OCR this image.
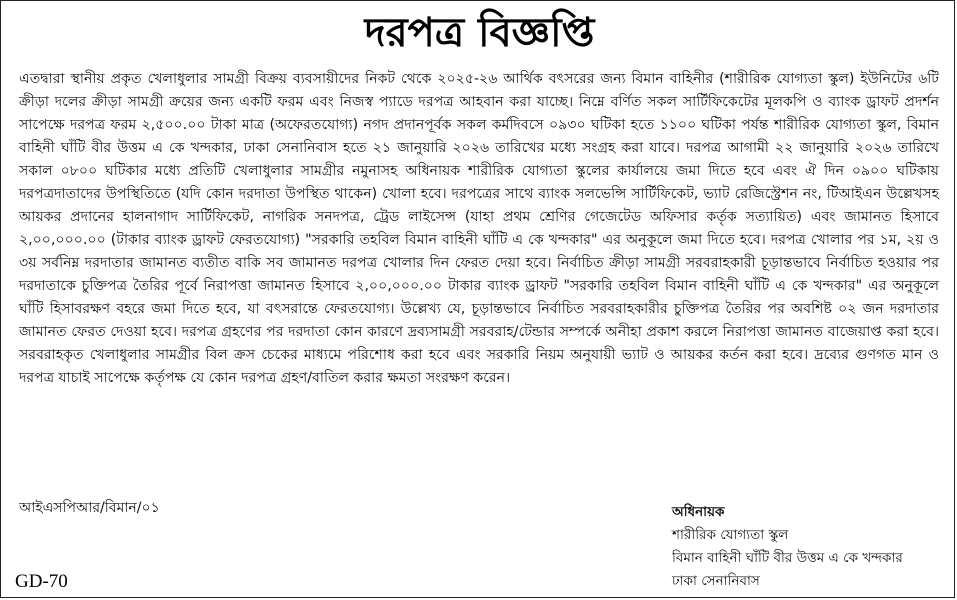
দরপত্র বিজ্ঞপ্তি
এতদ্বারা স্থানীয় প্রকৃত খেলাধুলার সামগ্রী বিক্রয় ব্যবসায়ীদের নিকট থেকে ২০২৫-২৬ আর্থিক বৎসরের জন্য বিমান বাহিনীর (শারীরিক যোগ্যতা স্কুল) ইউনিটের ৬টি ক্রীড়া দলের ক্রীড়া সামগ্রী ক্রয়ের জন্য একটি ফরম এবং নিজস্ব প্যাডে দরপত্র আহবান করা যাচ্ছে। নিম্নে বর্ণিত সকল সার্টিফিকেটের মূলকপি ও ব্যাংক ড্রাফট প্রদর্শন সাপেক্ষে দরপত্র ফরম ২,৫০০.০০ টাকা মাত্র (অফেরতযোগ্য) নগদ প্রদানপূর্বক সকল কর্মদিবসে ০৯৩০ ঘটিকা হতে ১১০০ ঘটিকা পর্যন্ত শারীরিক যোগ্যতা স্কুল, বিমান বাহিনী ঘাঁটি বীর উত্তম এ কে খন্দকার, ঢাকা সেনানিবাস হতে ২১ জানুয়ারি ২০২৬ তারিখের মধ্যে সংগ্রহ করা যাবে। দরপত্র আগামী ২২ জানুয়ারি ২০২৬ তারিখে সকাল ০৮০০ ঘটিকার মধ্যে প্রতিটি খেলাধুলার সামগ্রীর নমুনাসহ অধিনায়ক শারীরিক যোগ্যতা স্কুলের কার্যালয়ে জমা দিতে হবে এবং ঐ দিন ০৯০০ ঘটিকায় দরপত্রদাতাদের উপস্থিতিতে (যদি কোন দরদাতা উপস্থিত থাকেন) খোলা হবে। দরপত্রের সাথে ব্যাংক সলভেন্সি সার্টিফিকেট, ভ্যাট রেজিস্ট্রেশন নং, টিআইএন উল্লেখসহ আয়কর প্রদানের হালনাগাদ সার্টিফিকেট, নাগরিক সনদপত্র, ট্রেড লাইসেন্স (যাহা প্রথম শ্রেণির গেজেটেড অফিসার কর্তৃক সত্যায়িত) এবং জামানত হিসাবে ২,০০,০০০.০০ (টাকার ব্যাংক ড্রাফট ফেরতযোগ্য) "সরকারি তহবিল বিমান বাহিনী ঘাঁটি এ কে খন্দকার" এর অনুকূলে জমা দিতে হবে। দরপত্র খোলার পর ১ম, ২য় ও ৩য় সর্বনিম্ন দরদাতার জামানত ব্যতীত বাকি সব জামানত দরপত্র খোলার দিন ফেরত দেয়া হবে। নির্বাচিত ক্রীড়া সামগ্রী সরবরাহকারী চূড়ান্তভাবে নির্বাচিত হওয়ার পর দরদাতাকে চুক্তিপত্র তৈরির পূর্বে নিরাপত্তা জামানত হিসাবে ২,০০,০০০.০০ টাকার ব্যাংক ড্রাফট "সরকারি তহবিল বিমান বাহিনী ঘাঁটি এ কে খন্দকার" এর অনুকূলে ঘাঁটি হিসাবরক্ষণ বহরে জমা দিতে হবে, যা বৎসরান্তে ফেরতযোগ্য। উল্লেখ্য যে, চূড়ান্তভাবে নির্বাচিত সরবরাহকারীর চুক্তিপত্র তৈরির পর অবশিষ্ট ০২ জন দরদাতার জামানত ফেরত দেওয়া হবে। দরপত্র গ্রহণের পর দরদাতা কোন কারণে দ্রব্যসামগ্রী সরবরাহ/টেন্ডার সম্পর্কে অনীহা প্রকাশ করলে নিরাপত্তা জামানত বাজেয়াপ্ত করা হবে। সরবরাহকৃত খেলাধুলার সামগ্রীর বিল ক্রস চেকের মাধ্যমে পরিশোধ করা হবে এবং সরকারি নিয়ম অনুযায়ী ভ্যাট ও আয়কর কর্তন করা হবে। দ্রব্যের গুণগত মান ও দরপত্র যাচাই সাপেক্ষে কর্তৃপক্ষ যে কোন দরপত্র গ্রহণ/বাতিল করার ক্ষমতা সংরক্ষণ করেন।
আইএসপিআর/বিমান/০১
GD-70
অধিনায়ক
শারীরিক যোগ্যতা স্কুল
বিমান বাহিনী ঘাঁটি বীর উত্তম এ কে খন্দকার
ঢাকা সেনানিবাস
